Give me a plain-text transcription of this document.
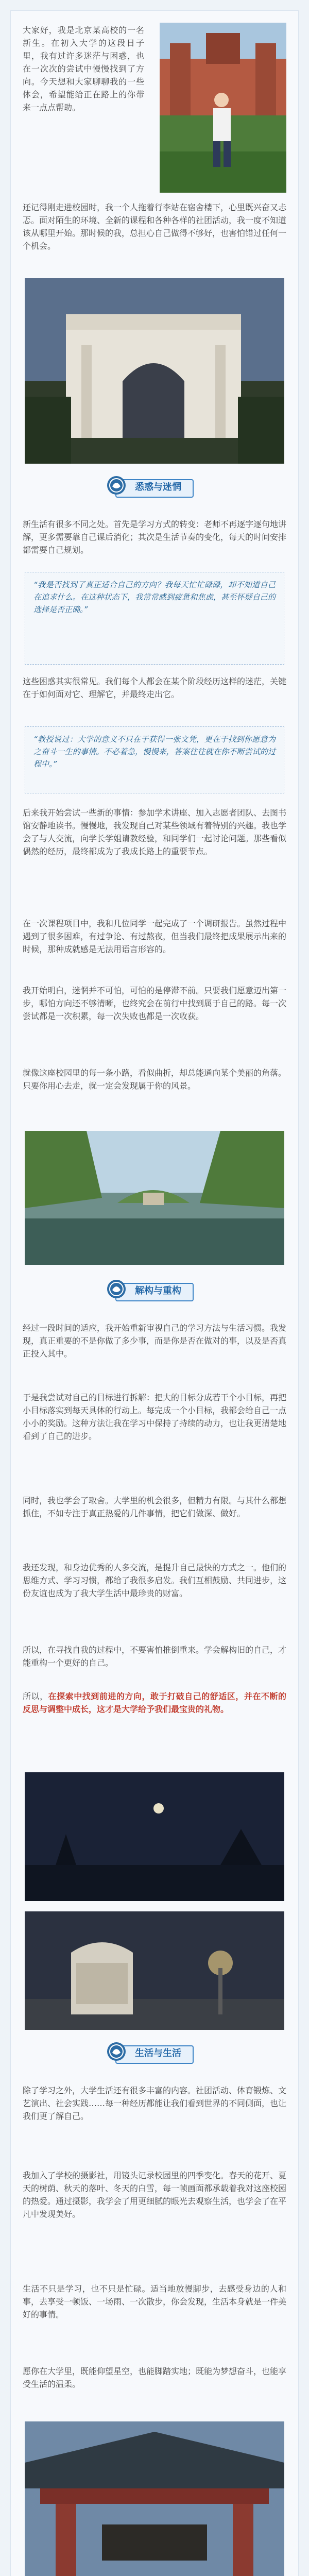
大家好，我是北京某高校的一名新生。在初入大学的这段日子里，我有过许多迷茫与困惑，也在一次次的尝试中慢慢找到了方向。今天想和大家聊聊我的一些体会，希望能给正在路上的你带来一点点帮助。
还记得刚走进校园时，我一个人拖着行李站在宿舍楼下，心里既兴奋又忐忑。面对陌生的环境、全新的课程和各种各样的社团活动，我一度不知道该从哪里开始。那时候的我，总担心自己做得不够好，也害怕错过任何一个机会。
悉惑与迷惘
新生活有很多不同之处。首先是学习方式的转变：老师不再逐字逐句地讲解，更多需要靠自己课后消化；其次是生活节奏的变化，每天的时间安排都需要自己规划。
“我是否找到了真正适合自己的方向？我每天忙忙碌碌，却不知道自己在追求什么。在这种状态下，我常常感到疲惫和焦虑，甚至怀疑自己的选择是否正确。”
这些困惑其实很常见。我们每个人都会在某个阶段经历这样的迷茫，关键在于如何面对它、理解它，并最终走出它。
“教授说过：大学的意义不只在于获得一张文凭，更在于找到你愿意为之奋斗一生的事情。不必着急，慢慢来，答案往往就在你不断尝试的过程中。”
后来我开始尝试一些新的事情：参加学术讲座、加入志愿者团队、去图书馆安静地读书。慢慢地，我发现自己对某些领域有着特别的兴趣。我也学会了与人交流，向学长学姐请教经验，和同学们一起讨论问题。那些看似偶然的经历，最终都成为了我成长路上的重要节点。
在一次课程项目中，我和几位同学一起完成了一个调研报告。虽然过程中遇到了很多困难，有过争论、有过熬夜，但当我们最终把成果展示出来的时候，那种成就感是无法用语言形容的。
我开始明白，迷惘并不可怕，可怕的是停滞不前。只要我们愿意迈出第一步，哪怕方向还不够清晰，也终究会在前行中找到属于自己的路。每一次尝试都是一次积累，每一次失败也都是一次收获。
就像这座校园里的每一条小路，看似曲折，却总能通向某个美丽的角落。只要你用心去走，就一定会发现属于你的风景。
解构与重构
经过一段时间的适应，我开始重新审视自己的学习方法与生活习惯。我发现，真正重要的不是你做了多少事，而是你是否在做对的事，以及是否真正投入其中。
于是我尝试对自己的目标进行拆解：把大的目标分成若干个小目标，再把小目标落实到每天具体的行动上。每完成一个小目标，我都会给自己一点小小的奖励。这种方法让我在学习中保持了持续的动力，也让我更清楚地看到了自己的进步。
同时，我也学会了取舍。大学里的机会很多，但精力有限。与其什么都想抓住，不如专注于真正热爱的几件事情，把它们做深、做好。
我还发现，和身边优秀的人多交流，是提升自己最快的方式之一。他们的思维方式、学习习惯，都给了我很多启发。我们互相鼓励、共同进步，这份友谊也成为了我大学生活中最珍贵的财富。
所以，在寻找自我的过程中，不要害怕推倒重来。学会解构旧的自己，才能重构一个更好的自己。
所以，在探索中找到前进的方向，敢于打破自己的舒适区，并在不断的反思与调整中成长，这才是大学给予我们最宝贵的礼物。
生活与生活
除了学习之外，大学生活还有很多丰富的内容。社团活动、体育锻炼、文艺演出、社会实践……每一种经历都能让我们看到世界的不同侧面，也让我们更了解自己。
我加入了学校的摄影社，用镜头记录校园里的四季变化。春天的花开、夏天的树荫、秋天的落叶、冬天的白雪，每一帧画面都承载着我对这座校园的热爱。通过摄影，我学会了用更细腻的眼光去观察生活，也学会了在平凡中发现美好。
生活不只是学习，也不只是忙碌。适当地放慢脚步，去感受身边的人和事，去享受一顿饭、一场雨、一次散步，你会发现，生活本身就是一件美好的事情。
愿你在大学里，既能仰望星空，也能脚踏实地；既能为梦想奋斗，也能享受生活的温柔。
